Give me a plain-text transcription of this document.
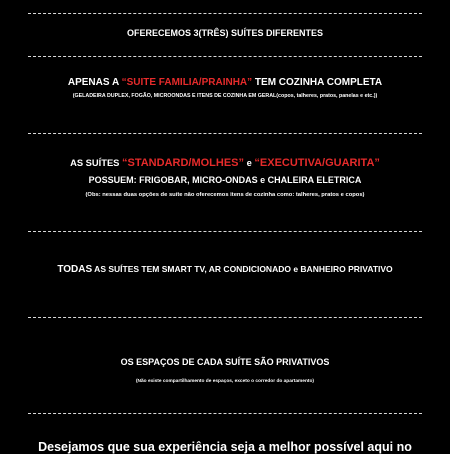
OFERECEMOS 3(TRÊS) SUÍTES DIFERENTES
APENAS A “SUITE FAMILIA/PRAINHA” TEM COZINHA COMPLETA
(GELADEIRA DUPLEX, FOGÃO, MICROONDAS E ITENS DE COZINHA EM GERAL(copos, talheres, pratos, panelas e etc.))
AS SUÍTES “STANDARD/MOLHES” e “EXECUTIVA/GUARITA”
POSSUEM: FRIGOBAR, MICRO-ONDAS e CHALEIRA ELETRICA
(Obs: nessas duas opções de suíte não oferecemos itens de cozinha como: talheres, pratos e copos)
TODAS AS SUÍTES TEM SMART TV, AR CONDICIONADO e BANHEIRO PRIVATIVO
OS ESPAÇOS DE CADA SUÍTE SÃO PRIVATIVOS
(Não existe compartilhamento de espaços, exceto o corredor do apartamento)
Desejamos que sua experiência seja a melhor possível aqui no
